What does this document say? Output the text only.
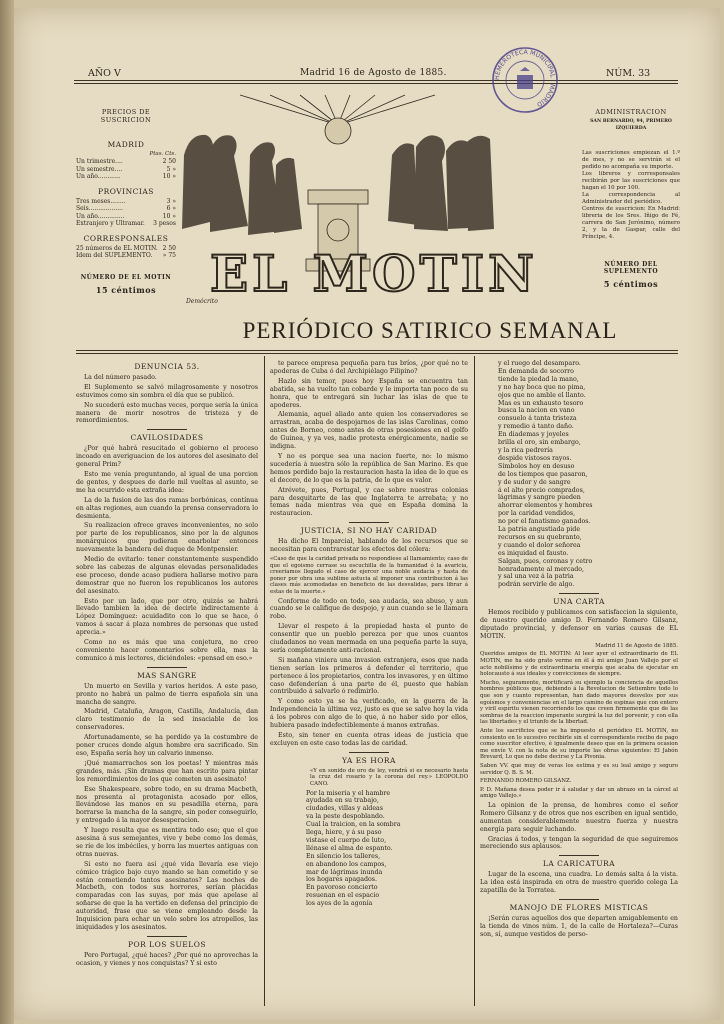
AÑO V	Madrid 16 de Agosto de 1885.	NÚM. 33
HEMEROTECA MUNICIPAL · MADRID
PRECIOS DE SUSCRICION
MADRID
Ptas. Cts.
Un trimestre....	2 50
Un semestre....	5 »
Un año............	10 »
PROVINCIAS
Tres meses........	3 »
Seis..................	6 »
Un año..............	10 »
Extranjero y Ultramar. 3 pesos
CORRESPONSALES
25 números de EL MOTIN. 2 50
Idem del SUPLEMENTO. » 75
NÚMERO DE EL MOTIN
15 céntimos
ADMINISTRACION
SAN BERNARDO, 94, PRIMERO IZQUIERDA
Las suscriciones empiezan el 1.º de mes, y no se servirán si el pedido no acompaña su importe.
Los libreros y corresponsales recibirán por las suscriciones que hagan el 10 por 100.
La correspondencia al Administrador del periódico.
Centros de suscricion: En Madrid: libreria de los Sres. Iñigo de Fé, carrera de San Jerónimo, número 2, y la de Gaspar, calle del Príncipe, 4.
NÚMERO DEL SUPLEMENTO
5 céntimos
EL MOTIN
Demócrito
PERIÓDICO SATIRICO SEMANAL
DENUNCIA 53.

La del número pasado.

El Suplemento se salvó milagrosamente y nosotros estuvimos como sin sombra el día que se publicó.

No sucederá esto muchas veces, porque sería la única manera de morir nosotros de tristeza y de remordimientos.

CAVILOSIDADES

¿Por qué habrá resucitado el gobierno el proceso incoado en averiguacion de los autores del asesinato del general Prim?

Esto me venía preguntando, al igual de una porcion de gentes, y despues de darle mil vueltas al asunto, se me ha ocurrido esta extraña idea:

La de la fusion de las dos ramas borbónicas, contínua en altas regiones, aun cuando la prensa conservadora lo desmienta.

Su realizacion ofrece graves inconvenientes, no solo por parte de los republicanos, sino por la de algunos monárquicos que pudieran enarbolar entonces nuevamente la bandera del duque de Montpensier.

Medio de evitarlo: tener constantemente suspendido sobre las cabezas de algunas elevadas personalidades ese proceso, donde acaso pudiera hallarse motivo para demostrar que no fueron los republicanos los autores del asesinato.

Esto por un lado, que por otro, quizás se habrá llevado tambien la idea de decirle indirectamente á López Dominguez: acuidadito con lo que se hace, ó vamos á sacar á plaza nombres de personas que usted aprecia.»

Como no es más que una conjetura, no creo conveniente hacer comentarios sobre ella, mas la comunico á mis lectores, diciéndoles: «pensad en eso.»

MAS SANGRE

Un muerto en Sevilla y varios heridos. A este paso, pronto no habrá un palmo de tierra española sin una mancha de sangre.

Madrid, Cataluña, Aragon, Castilla, Andalucía, dan claro testimonio de la sed insaciable de los conservadores.

Afortunadamente, se ha perdido ya la costumbre de poner cruces donde algun hombre era sacrificado. Sin eso, España sería hoy un calvario inmenso.

¡Qué mamarrachos son los poetas! Y mientras más grandes, más. ¡Sin dramas que han escrito para pintar los remordimientos de los que cometen un asesinato!

Ese Shakespeare, sobre todo, en su drama Macbeth, nos presenta al protagonista acosado por ellos, llevándose las manos en su pesadilla eterna, para borrarse la mancha de la sangre, sin poder conseguirlo, y entregado á la mayor desesperacion.

Y luego resulta que es mentira todo eso; que el que asesina á sus semejantes, vive y bebe como los demás, se ríe de los imbéciles, y borra las muertes antiguas con otras nuevas.

Si esto no fuera así ¿qué vida llevaría ese viejo cómico trágico bajo cuyo mando se han cometido y se están cometiendo tantos asesinatos? Las noches de Macbeth, con todos sus horrores, serían plácidas comparadas con las suyas, por más que apelase al soñarse de que la ha vertido en defensa del principio de autoridad, frase que se viene empleando desde la Inquisicion para echar un velo sobre los atropellos, las iniquidades y los asesinatos.

POR LOS SUELOS

Pero Portugal, ¿qué haces? ¿Por qué no aprovechas la ocasion, y vienes y nos conquistas? Y si esto

te parece empresa pequeña para tus bríos, ¿por qué no te apoderas de Cuba ó del Archipiélago Filipino?

Hazlo sin temor, pues hoy España se encuentra tan abatida, se ha vuelto tan cobarde y le importa tan poco de su honra, que te entregará sin luchar las islas de que te apoderes.

Alemania, aquel aliado ante quien los conservadores se arrastran, acaba de despojarnos de las islas Carolinas, como antes de Borneo, como antes de otras posesiones en el golfo de Guinea, y ya ves, nadie protesta enérgicamente, nadie se indigna.

Y no es porque sea una nacion fuerte, no: lo mismo sucedería á nuestra sólo la república de San Marino. Es que hemos perdido bajo la restauracion hasta la idea de lo que es el decoro, de lo que es la patria, de lo que es valor.

Atrévete, pues, Portugal, y cae sobre nuestras colonias para desquitarte de las que Inglaterra te arrebata; y no temas nada mientras vea que en España domina la restauracion.

JUSTICIA, SI NO HAY CARIDAD

Ha dicho El Imparcial, hablando de los recursos que se necesitan para contrarestar los efectos del cólera:

«Caso de que la caridad privada no respondiese al llamamiento; caso de que el egoismo cerrase su escuchilla de la humanidad ó la avaricia, creeriamos llegado el caso de ejercer una noble audacia y hasta de poner por obra una sublime astucia al imponer una contribucion á las clases más acomodadas en beneficio de las desvalidas, para librar á estas de la muerte.»

Conforme de todo en todo, sea audacia, sea abuso, y aun cuando se le califique de despojo, y aun cuando se le llamara robo.

Llevar el respeto á la propiedad hasta el punto de consentir que un pueblo perezca por que unos cuantos ciudadanos no vean mermada en una pequeña parte la suya, sería completamente anti-racional.

Si mañana viniera una invasion extranjera, esos que nada tienen serían los primeros á defender el territorio, que pertenece á los propietarios, contra los invasores, y en último caso defenderían á una parte de él, puesto que habían contribuido á salvarlo ó redimirlo.

Y como esto ya se ha verificado, en la guerra de la Independencia la última vez, justo es que se salve hoy la vida á los pobres con algo de lo que, á no haber sido por ellos, hubiera pasado indefectiblemente á manos extrañas.

Esto, sin tener en cuenta otras ideas de justicia que excluyen en este caso todas las de caridad.

YA ES HORA
«Y en sonido de oro de ley, vendrá si es necesario hasta la cruz del rosario y la corona del rey.» LEOPOLDO CANO.
Por la miseria y el hambre
ayudada en su trabajo,
ciudades, villas y aldeas
va la peste despoblando.
Cual la traicion, en la sombra
llega, hiere, y á su paso
vistase el cuerpo de luto,
llénase el alma de espanto.
En silencio los talleres,
en abandono los campos,
mar de lágrimas inunda
los hogares apagados.
En pavoroso concierto
resuenan en el espacio
los ayes de la agonía
y el ruego del desamparo.
En demanda de socorro
tiende la piedad la mano,
y no hay boca que no pima,
ojos que no amble el llanto.
Mas es un exhausto tesoro
busca la nacion en vano
consuelo á tanta tristeza
y remedio á tanto daño.
En diademas y joyeles
brilla el oro, sin embargo,
y la rica pedrería
despide vistosos rayos.
Símbolos hoy en desuso
de los tiempos que pasaron,
y de sudor y de sangre
á el alto precio comprados,
lágrimas y sangre pueden
ahorrar elementos y hombres
por la caridad vendidos,
no por el fanatismo ganados.
La patria angustiada pide
recursos en su quebranto,
y cuando el dolor señorea
es iniquidad el fausto.
Salgan, pues, coronas y cetro
honradamente al mercado,
y sal una vez á la patria
podrán servirle de algo.
UNA CARTA

Hemos recibido y publicamos con satisfaccion la siguiente, de nuestro querido amigo D. Fernando Romero Gilsanz, diputado provincial, y defensor en varias causas de EL MOTIN.

Madrid 11 de Agosto de 1885.
Queridos amigos de EL MOTIN: Al leer ayer el extraordinario de EL MOTIN, me ha sido grato verme en él á mi amigo Juan Vallejo por el acto nobilísimo y de extraordinaria energía que acaba de ejecutar en holocausto á sus ideales y convicciones de siempre.
Mucho, seguramente, mortificará su ejemplo la conciencia de aquellos hombres públicos que, debiendo á la Revolucion de Setiembre todo lo que son y cuanto representan, han dado mayores desvelos por sus egoísmos y conveniencias en el largo camino de espinas que con entero y viril espíritu vienen recorriendo los que creen firmemente que de las sombras de la reaccion imperante surgirá la luz del porvenir, y con ella las libertades y el triunfo de la libertad.
Ante los sacrificios que se ha impuesto el periódico EL MOTIN, no consiento en lo sucesivo recibirle sin el correspondiente recibo de pago como suscritor efectivo, é igualmente deseo que en la primera ocasion me envíe V. con la nota de su importe las obras siguientes: El Jabón Brevard, Lo que no debe decirse y La Pivonia.
Saben VV. que muy de veras los estima y es su leal amigo y seguro servidor Q. B. S. M.
FERNANDO ROMERO GILSANZ.
P. D. Mañana desea poder ir á saludar y dar un abrazo en la cárcel al amigo Vallejo.»

La opinion de la prensa, de hombres como el señor Romero Gilsanz y de otros que nos escriben en igual sentido, aumentan considerablemente nuestra fuerza y nuestra energía para seguir luchando.

Gracias á todos, y tengan la seguridad de que seguiremos mereciendo sus aplausos.

LA CARICATURA

Lugar de la escena, una cuadra. Lo demás salta á la vista. La idea está inspirada en otra de nuestro querido colega La zapatilla de la Torratea.

MANOJO DE FLORES MISTICAS

¡Serán curas aquellos dos que departen amigablemente en la tienda de vinos núm. 1, de la calle de Hortaleza?—Curas son, sí, aunque vestidos de perso-
